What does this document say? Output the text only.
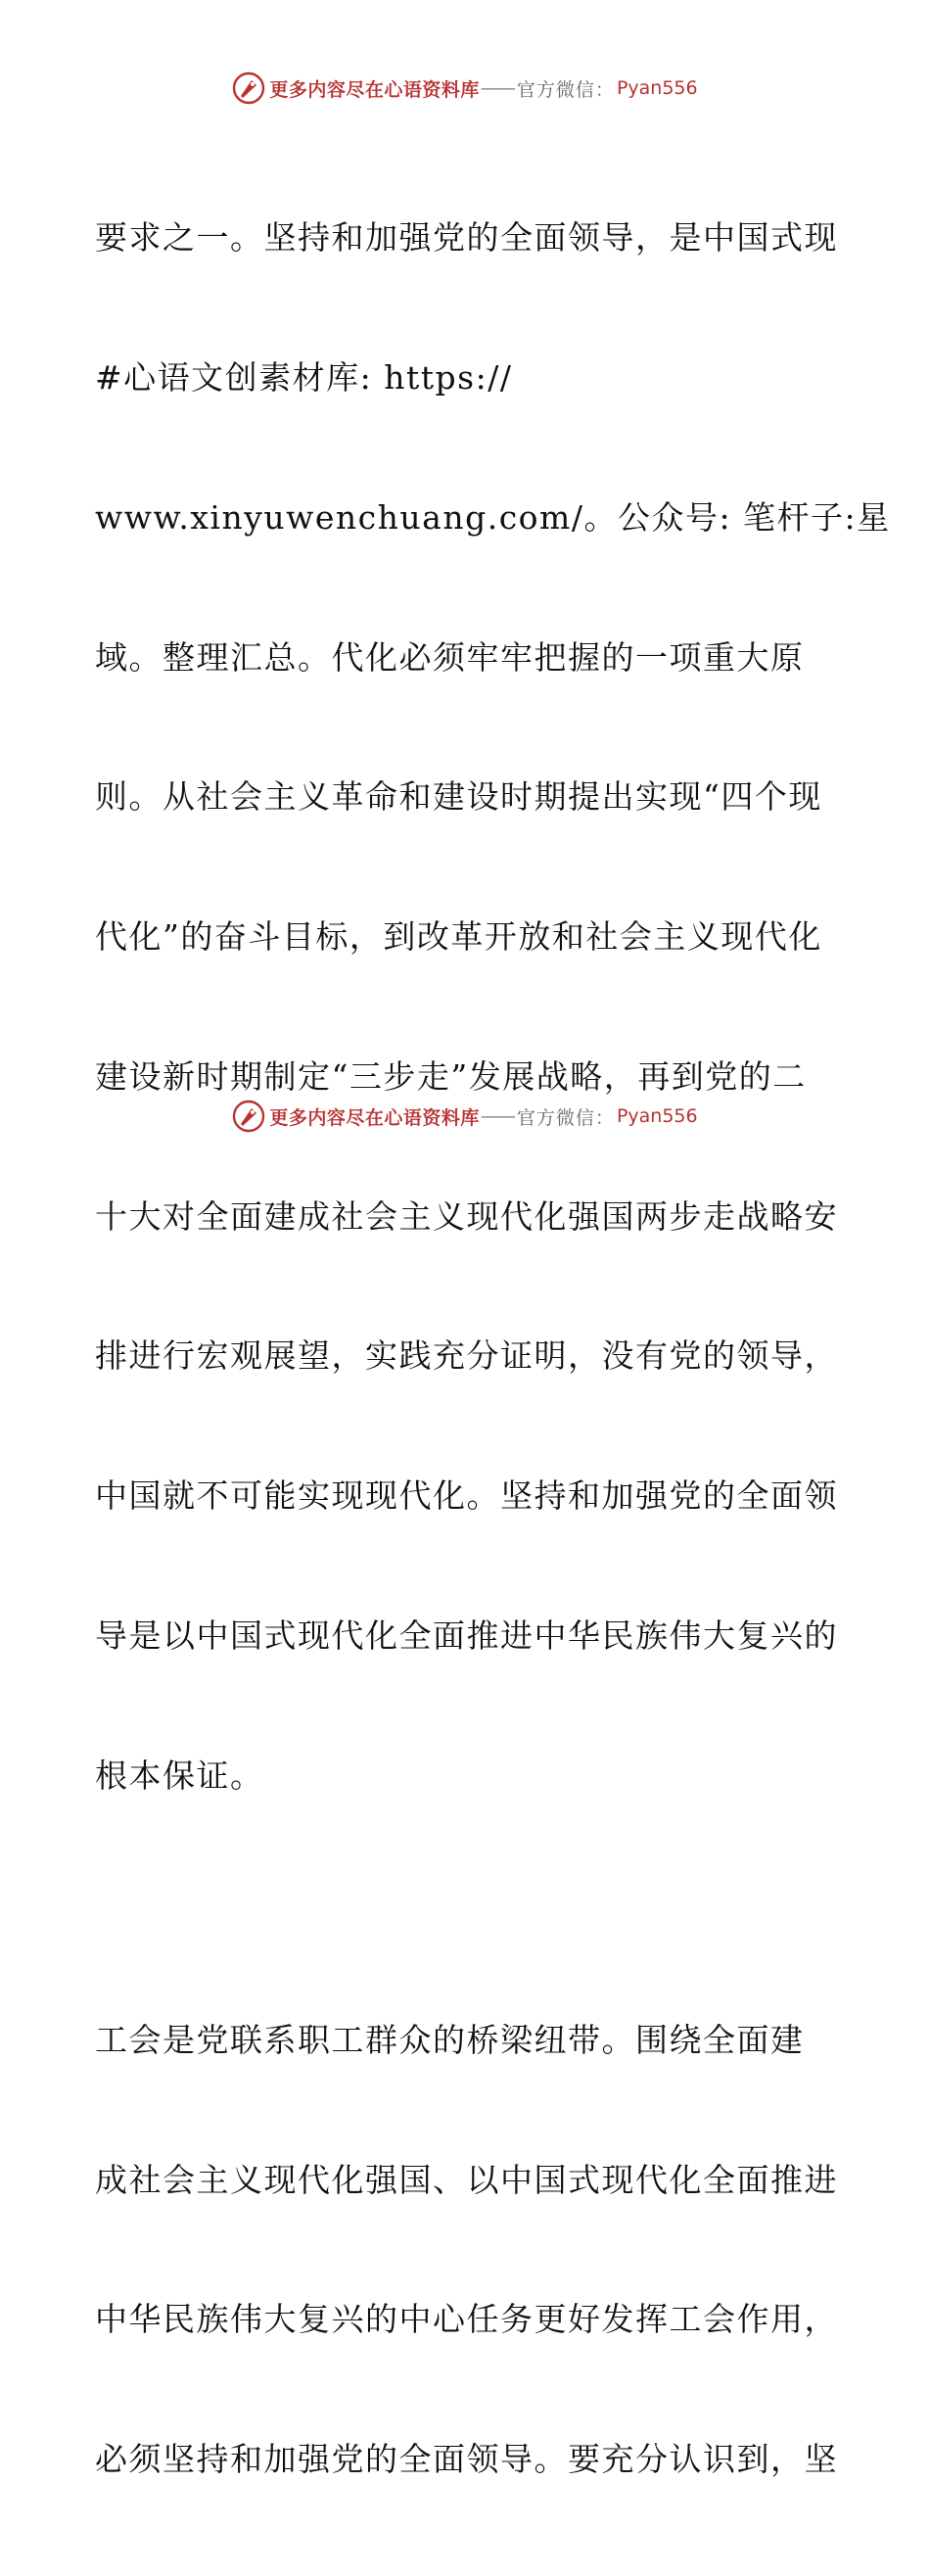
更多内容尽在心语资料库 —— 官方微信： Pyan556

要求之一。坚持和加强党的全面领导，是中国式现

#心语文创素材库: https://

www.xinyuwenchuang.com/。公众号: 笔杆子:星

域。整理汇总。代化必须牢牢把握的一项重大原

则。从社会主义革命和建设时期提出实现“四个现

代化”的奋斗目标，到改革开放和社会主义现代化

建设新时期制定“三步走”发展战略，再到党的二

十大对全面建成社会主义现代化强国两步走战略安

排进行宏观展望，实践充分证明，没有党的领导，

中国就不可能实现现代化。坚持和加强党的全面领

导是以中国式现代化全面推进中华民族伟大复兴的

根本保证。

工会是党联系职工群众的桥梁纽带。围绕全面建

成社会主义现代化强国、以中国式现代化全面推进

中华民族伟大复兴的中心任务更好发挥工会作用，

必须坚持和加强党的全面领导。要充分认识到，坚

更多内容尽在心语资料库 —— 官方微信： Pyan556
